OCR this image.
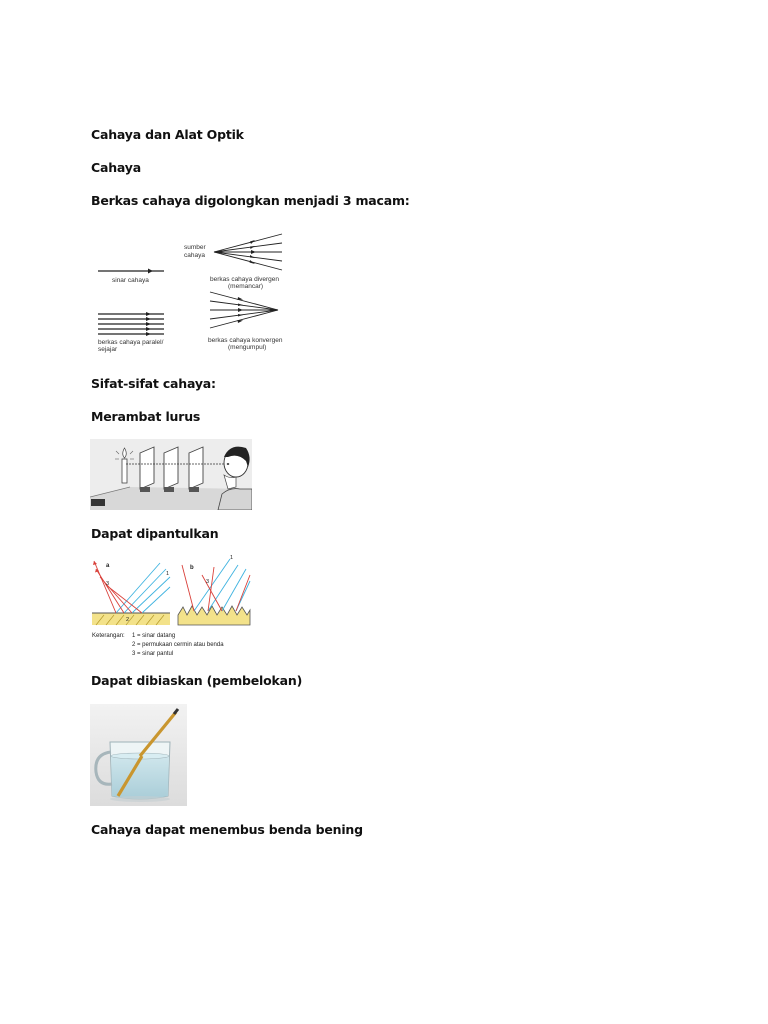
Cahaya dan Alat Optik
Cahaya
Berkas cahaya digolongkan menjadi 3 macam:
sinar cahaya
sumber
cahaya
berkas cahaya divergen
(memancar)
berkas cahaya paralel/
sejajar
berkas cahaya konvergen
(mengumpul)
Sifat-sifat cahaya:
Merambat lurus
Dapat dipantulkan
a
1
3
2
b
1
3
Keterangan: 1 = sinar datang
2 = permukaan cermin atau benda
3 = sinar pantul
Dapat dibiaskan (pembelokan)
Cahaya dapat menembus benda bening
